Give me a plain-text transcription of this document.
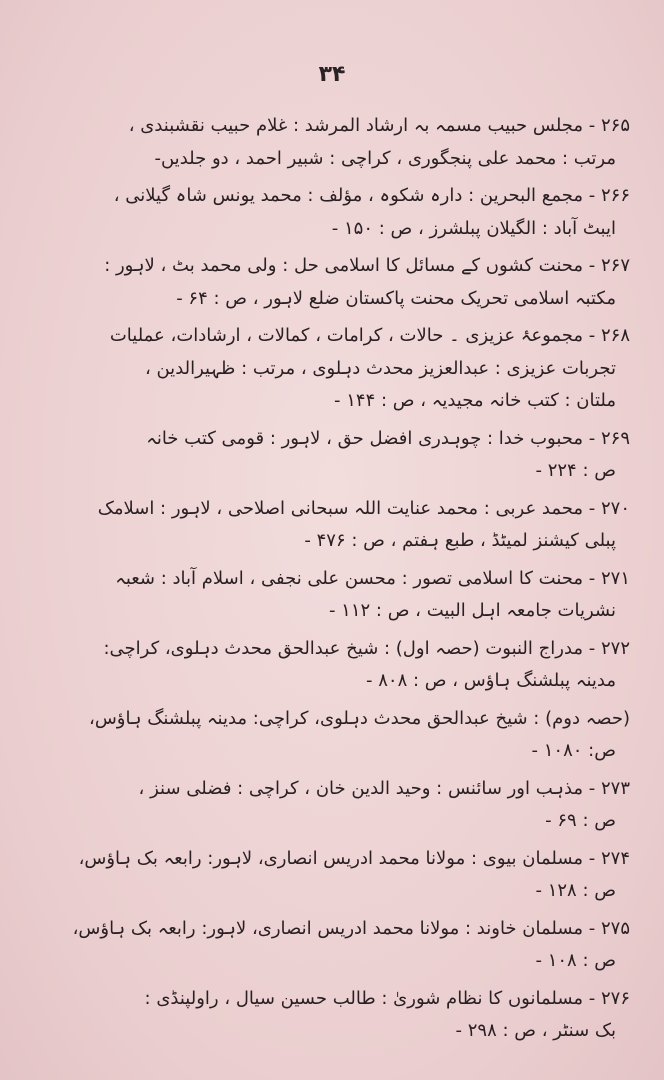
۳۴
۲۶۵ - مجلس حبیب مسمہ بہ ارشاد المرشد : غلام حبیب نقشبندی ،
مرتب : محمد علی پنجگوری ، کراچی : شبیر احمد ، دو جلدیں-
۲۶۶ - مجمع البحرین : دارہ شکوہ ، مؤلف : محمد یونس شاہ گیلانی ،
ایبٹ آباد : الگیلان پبلشرز ، ص : ۱۵۰ -
۲۶۷ - محنت کشوں کے مسائل کا اسلامی حل : ولی محمد بٹ ، لاہور :
مکتبہ اسلامی تحریک محنت پاکستان ضلع لاہور ، ص : ۶۴ -
۲۶۸ - مجموعۂ عزیزی ۔ حالات ، کرامات ، کمالات ، ارشادات، عملیات
تجربات عزیزی : عبدالعزیز محدث دہلوی ، مرتب : ظہیرالدین ،
ملتان : کتب خانہ مجیدیہ ، ص : ۱۴۴ -
۲۶۹ - محبوب خدا : چوہدری افضل حق ، لاہور : قومی کتب خانہ
ص : ۲۲۴ -
۲۷۰ - محمد عربی : محمد عنایت اللہ سبحانی اصلاحی ، لاہور : اسلامک
پبلی کیشنز لمیٹڈ ، طبع ہفتم ، ص : ۴۷۶ -
۲۷۱ - محنت کا اسلامی تصور : محسن علی نجفی ، اسلام آباد : شعبہ
نشریات جامعہ اہل البیت ، ص : ۱۱۲ -
۲۷۲ - مدراج النبوت (حصہ اول) : شیخ عبدالحق محدث دہلوی، کراچی:
مدینہ پبلشنگ ہاؤس ، ص : ۸۰۸ -
(حصہ دوم) : شیخ عبدالحق محدث دہلوی، کراچی: مدینہ پبلشنگ ہاؤس،
ص: ۱۰۸۰ -
۲۷۳ - مذہب اور سائنس : وحید الدین خان ، کراچی : فضلی سنز ،
ص : ۶۹ -
۲۷۴ - مسلمان بیوی : مولانا محمد ادریس انصاری، لاہور: رابعہ بک ہاؤس،
ص : ۱۲۸ -
۲۷۵ - مسلمان خاوند : مولانا محمد ادریس انصاری، لاہور: رابعہ بک ہاؤس،
ص : ۱۰۸ -
۲۷۶ - مسلمانوں کا نظام شوریٰ : طالب حسین سیال ، راولپنڈی :
بک سنٹر ، ص : ۲۹۸ -
